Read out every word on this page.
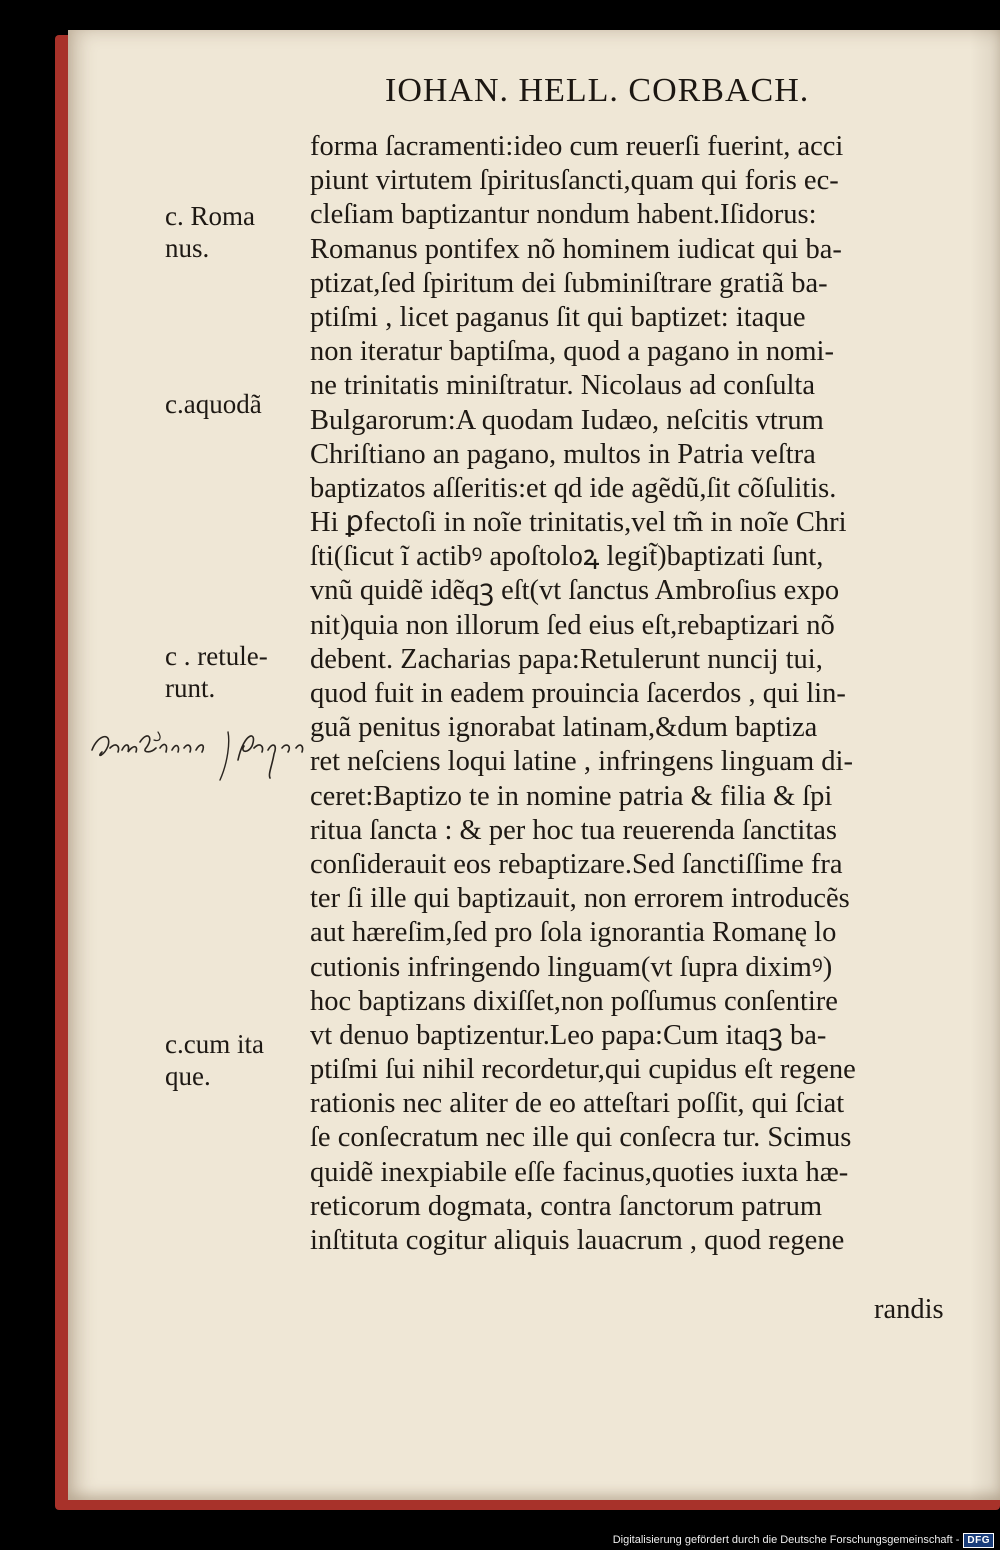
IOHAN. HELL. CORBACH.
forma ſacramenti:ideo cum reuerſi fuerint, acci
piunt virtutem ſpiritusſancti,quam qui foris ec-
cleſiam baptizantur nondum habent.Iſidorus:
Romanus pontifex nõ hominem iudicat qui ba-
ptizat,ſed ſpiritum dei ſubminiſtrare gratiã ba-
ptiſmi , licet paganus ſit qui baptizet: itaque
non iteratur baptiſma, quod a pagano in nomi-
ne trinitatis miniſtratur. Nicolaus ad conſulta
Bulgarorum:A quodam Iudæo, neſcitis vtrum
Chriſtiano an pagano, multos in Patria veſtra
baptizatos aſſeritis:et qd ide agẽdũ,ſit cõſulitis.
Hi ꝑfectoſi in noĩe trinitatis,vel tm̃ in noĩe Chri
ſti(ſicut ĩ actibꝰ apoſtoloꝝ legit̃)baptizati ſunt,
vnũ quidẽ idẽqꝫ eſt(vt ſanctus Ambroſius expo
nit)quia non illorum ſed eius eſt,rebaptizari nõ
debent. Zacharias papa:Retulerunt nuncij tui,
quod fuit in eadem prouincia ſacerdos , qui lin-
guã penitus ignorabat latinam,&dum baptiza
ret neſciens loqui latine , infringens linguam di-
ceret:Baptizo te in nomine patria & filia & ſpi
ritua ſancta : & per hoc tua reuerenda ſanctitas
conſiderauit eos rebaptizare.Sed ſanctiſſime fra
ter ſi ille qui baptizauit, non errorem introducẽs
aut hæreſim,ſed pro ſola ignorantia Romanę lo
cutionis infringendo linguam(vt ſupra diximꝰ)
hoc baptizans dixiſſet,non poſſumus conſentire
vt denuo baptizentur.Leo papa:Cum itaqꝫ ba-
ptiſmi ſui nihil recordetur,qui cupidus eſt regene
rationis nec aliter de eo atteſtari poſſit, qui ſciat
ſe conſecratum nec ille qui conſecra tur. Scimus
quidẽ inexpiabile eſſe facinus,quoties iuxta hæ-
reticorum dogmata, contra ſanctorum patrum
inſtituta cogitur aliquis lauacrum , quod regene
randis
c. Roma
nus.
c.aquodã
c . retule-
runt.
c.cum ita
que.
Digitalisierung gefördert durch die Deutsche Forschungsgemeinschaft - DFG
